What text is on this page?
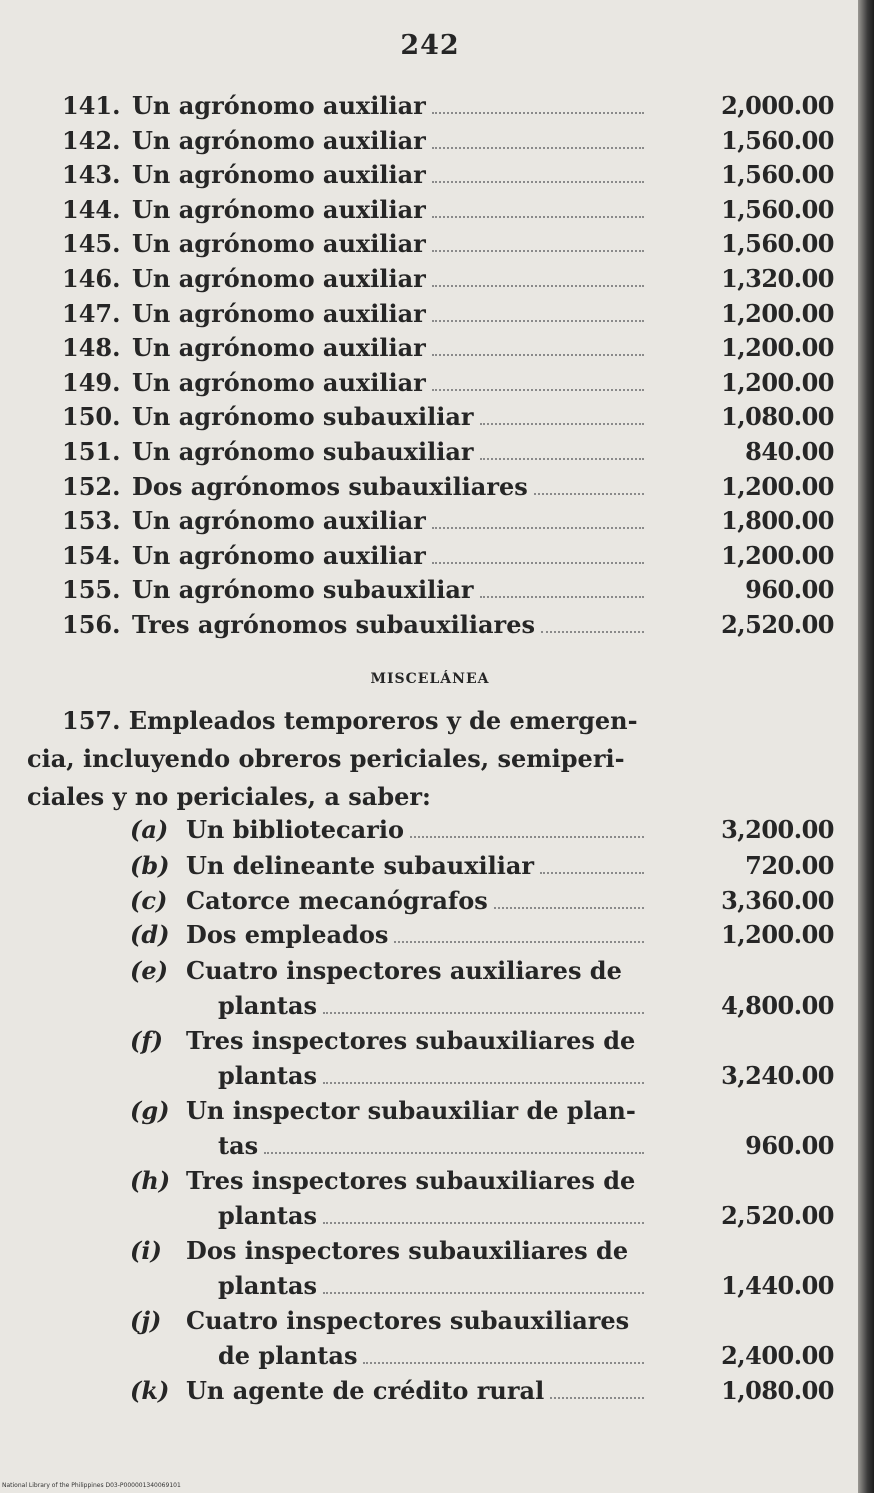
242
141. Un agrónomo auxiliar	2,000.00
142. Un agrónomo auxiliar	1,560.00
143. Un agrónomo auxiliar	1,560.00
144. Un agrónomo auxiliar	1,560.00
145. Un agrónomo auxiliar	1,560.00
146. Un agrónomo auxiliar	1,320.00
147. Un agrónomo auxiliar	1,200.00
148. Un agrónomo auxiliar	1,200.00
149. Un agrónomo auxiliar	1,200.00
150. Un agrónomo subauxiliar	1,080.00
151. Un agrónomo subauxiliar	840.00
152. Dos agrónomos subauxiliares	1,200.00
153. Un agrónomo auxiliar	1,800.00
154. Un agrónomo auxiliar	1,200.00
155. Un agrónomo subauxiliar	960.00
156. Tres agrónomos subauxiliares	2,520.00
MISCELÁNEA
157. Empleados temporeros y de emergen-
cia, incluyendo obreros periciales, semiperi-
ciales y no periciales, a saber:
(a) Un bibliotecario	3,200.00
(b) Un delineante subauxiliar	720.00
(c) Catorce mecanógrafos	3,360.00
(d) Dos empleados	1,200.00
(e) Cuatro inspectores auxiliares de
plantas	4,800.00
(f) Tres inspectores subauxiliares de
plantas	3,240.00
(g) Un inspector subauxiliar de plan-
tas	960.00
(h) Tres inspectores subauxiliares de
plantas	2,520.00
(i) Dos inspectores subauxiliares de
plantas	1,440.00
(j) Cuatro inspectores subauxiliares
de plantas	2,400.00
(k) Un agente de crédito rural	1,080.00
National Library of the Philippines D03-P000001340069101
